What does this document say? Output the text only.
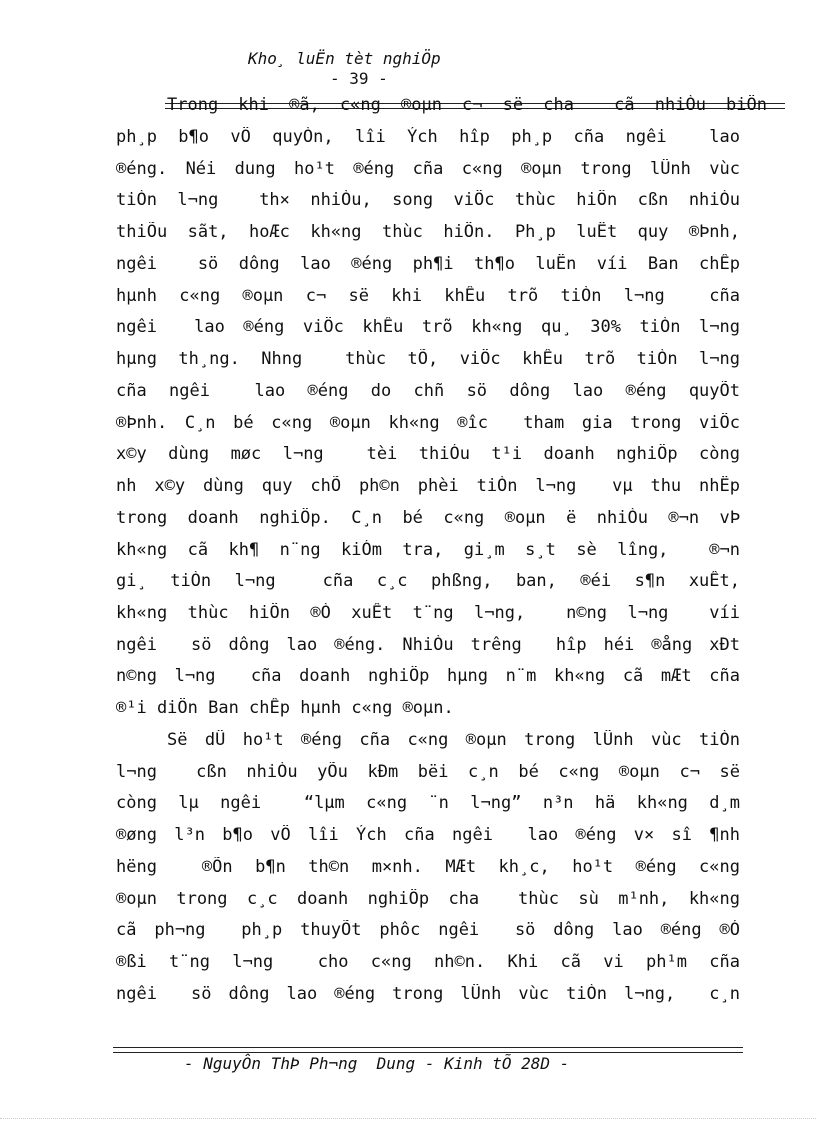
Kho¸ luËn tèt nghiÖp
- 39 -
Trong khi ®ã, c«ng ®oµn c¬ së cha  cã nhiÒu biÖn
ph¸p b¶o vÖ quyÒn, lîi Ých hîp ph¸p cña ngêi  lao
®éng. Néi dung ho¹t ®éng cña c«ng ®oµn trong lÜnh vùc
tiÒn l¬ng  th× nhiÒu, song viÖc thùc hiÖn cßn nhiÒu
thiÕu sãt, hoÆc kh«ng thùc hiÖn. Ph¸p luËt quy ®Þnh,
ngêi  sö dông lao ®éng ph¶i th¶o luËn víi Ban chÊp
hµnh c«ng ®oµn c¬ së khi khÊu trõ tiÒn l¬ng  cña
ngêi  lao ®éng viÖc khÊu trõ kh«ng qu¸ 30% tiÒn l¬ng
hµng th¸ng. Nhng  thùc tÕ, viÖc khÊu trõ tiÒn l¬ng
cña ngêi  lao ®éng do chñ sö dông lao ®éng quyÕt
®Þnh. C¸n bé c«ng ®oµn kh«ng ®îc  tham gia trong viÖc
x©y dùng møc l¬ng  tèi thiÓu t¹i doanh nghiÖp còng
nh x©y dùng quy chÕ ph©n phèi tiÒn l¬ng  vµ thu nhËp
trong doanh nghiÖp. C¸n bé c«ng ®oµn ë nhiÒu ®¬n vÞ
kh«ng cã kh¶ n¨ng kiÓm tra, gi¸m s¸t sè lîng,  ®¬n
gi¸ tiÒn l¬ng  cña c¸c phßng, ban, ®éi s¶n xuÊt,
kh«ng thùc hiÖn ®Ò xuÊt t¨ng l¬ng,  n©ng l¬ng  víi
ngêi  sö dông lao ®éng. NhiÒu trêng  hîp héi ®ång xÐt
n©ng l¬ng  cña doanh nghiÖp hµng n¨m kh«ng cã mÆt cña
®¹i diÖn Ban chÊp hµnh c«ng ®oµn.
Së dÜ ho¹t ®éng cña c«ng ®oµn trong lÜnh vùc tiÒn
l¬ng  cßn nhiÒu yÕu kÐm bëi c¸n bé c«ng ®oµn c¬ së
còng lµ ngêi  “lµm c«ng ¨n l¬ng” n³n hä kh«ng d¸m
®øng l³n b¶o vÖ lîi Ých cña ngêi  lao ®éng v× sî ¶nh
hëng  ®Õn b¶n th©n m×nh. MÆt kh¸c, ho¹t ®éng c«ng
®oµn trong c¸c doanh nghiÖp cha  thùc sù m¹nh, kh«ng
cã ph¬ng  ph¸p thuyÕt phôc ngêi  sö dông lao ®éng ®Ó
®ßi t¨ng l¬ng  cho c«ng nh©n. Khi cã vi ph¹m cña
ngêi  sö dông lao ®éng trong lÜnh vùc tiÒn l¬ng,  c¸n
- NguyÔn ThÞ Ph¬ng  Dung - Kinh tÕ 28D -
